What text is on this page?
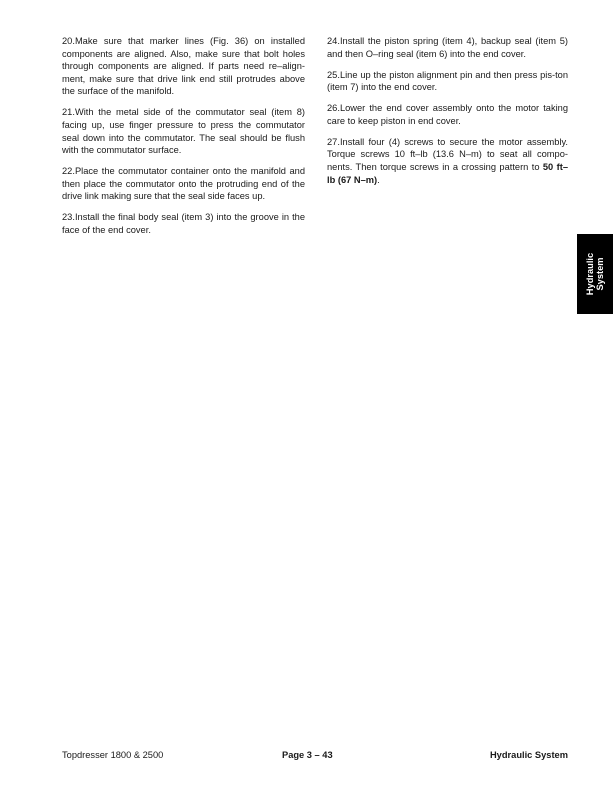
20.Make sure that marker lines (Fig. 36) on installed components are aligned. Also, make sure that bolt holes through components are aligned. If parts need re–align-ment, make sure that drive link end still protrudes above the surface of the manifold.

21.With the metal side of the commutator seal (item 8) facing up, use finger pressure to press the commutator seal down into the commutator. The seal should be flush with the commutator surface.

22.Place the commutator container onto the manifold and then place the commutator onto the protruding end of the drive link making sure that the seal side faces up.

23.Install the final body seal (item 3) into the groove in the face of the end cover.

24.Install the piston spring (item 4), backup seal (item 5) and then O–ring seal (item 6) into the end cover.

25.Line up the piston alignment pin and then press pis-ton (item 7) into the end cover.

26.Lower the end cover assembly onto the motor taking care to keep piston in end cover.

27.Install four (4) screws to secure the motor assembly. Torque screws 10 ft–lb (13.6 N–m) to seat all compo-nents. Then torque screws in a crossing pattern to 50 ft–lb (67 N–m).

Hydraulic System
Topdresser 1800 & 2500	Page 3 – 43	Hydraulic System
